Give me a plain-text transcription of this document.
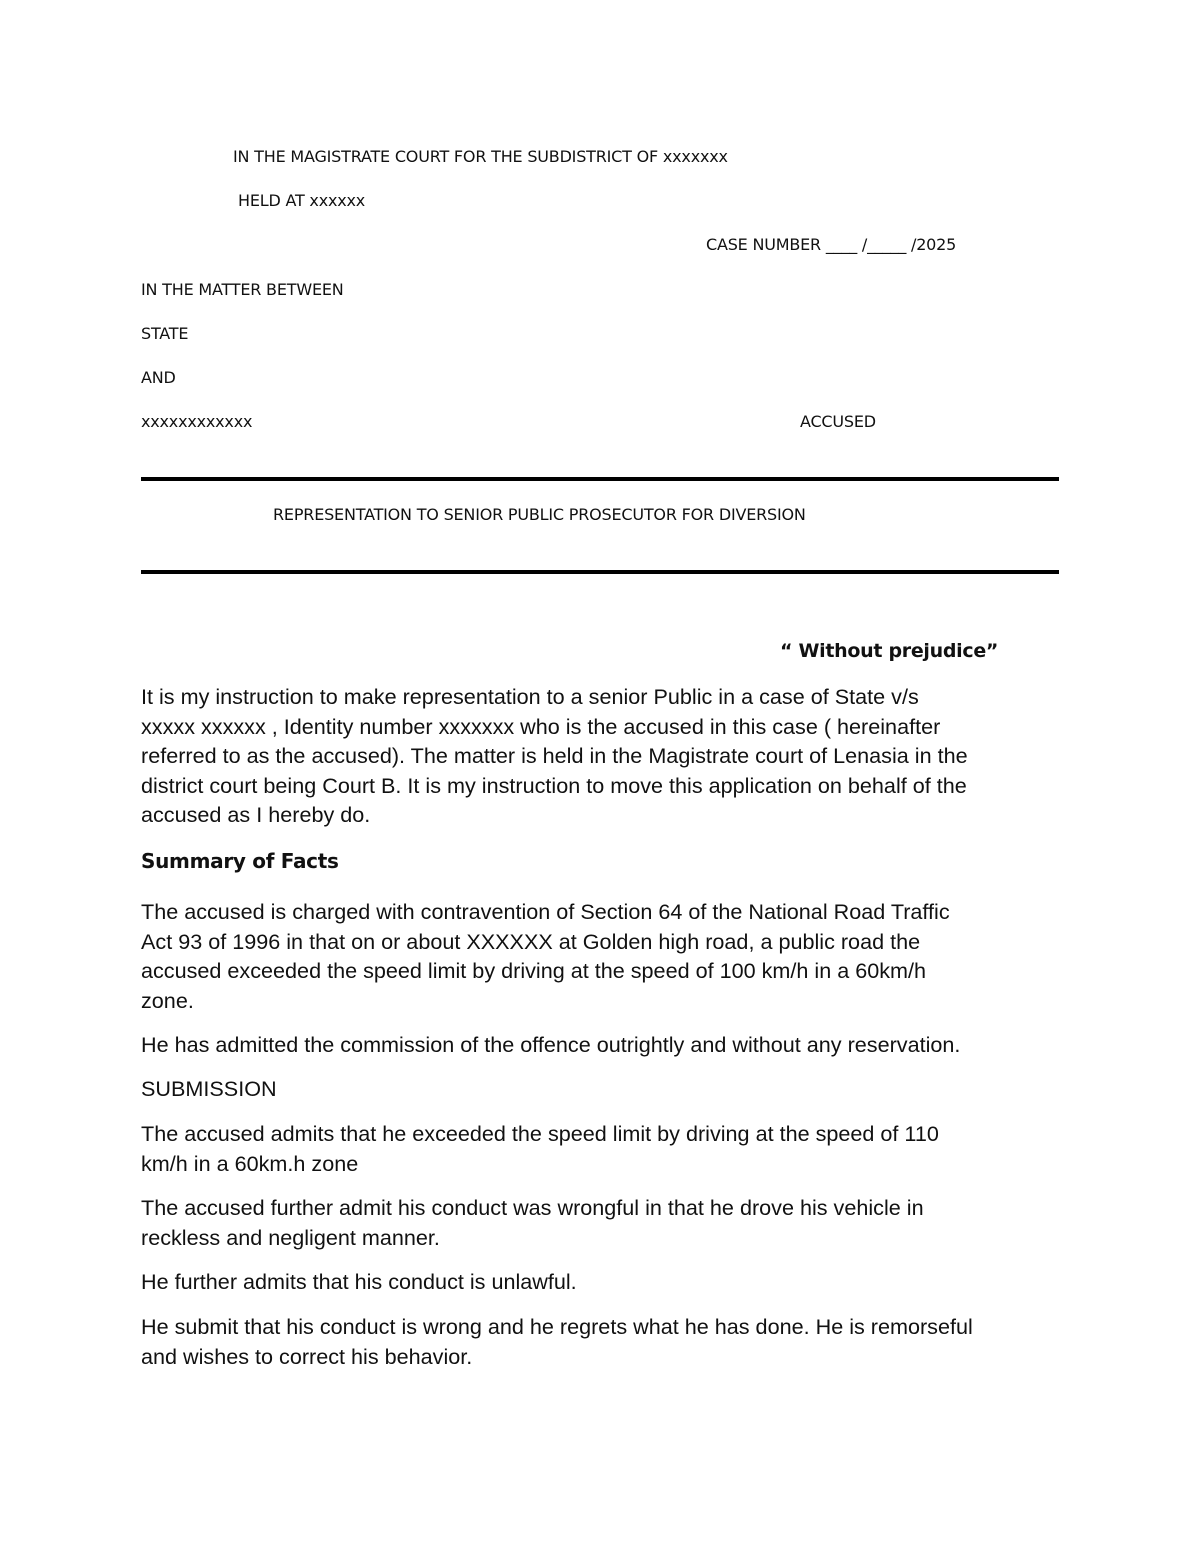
IN THE MAGISTRATE COURT FOR THE SUBDISTRICT OF xxxxxxx
HELD AT xxxxxx
CASE NUMBER ____ /_____ /2025
IN THE MATTER BETWEEN
STATE
AND
xxxxxxxxxxxx	ACCUSED
REPRESENTATION TO SENIOR PUBLIC PROSECUTOR FOR DIVERSION
“ Without prejudice”
It is my instruction to make representation to a senior Public in a case of State v/s
xxxxx xxxxxx , Identity number xxxxxxx who is the accused in this case ( hereinafter
referred to as the accused). The matter is held in the Magistrate court of Lenasia in the
district court being Court B. It is my instruction to move this application on behalf of the
accused as I hereby do.
Summary of Facts
The accused is charged with contravention of Section 64 of the National Road Traffic
Act 93 of 1996 in that on or about XXXXXX at Golden high road, a public road the
accused exceeded the speed limit by driving at the speed of 100 km/h in a 60km/h
zone.
He has admitted the commission of the offence outrightly and without any reservation.
SUBMISSION
The accused admits that he exceeded the speed limit by driving at the speed of 110
km/h in a 60km.h zone
The accused further admit his conduct was wrongful in that he drove his vehicle in
reckless and negligent manner.
He further admits that his conduct is unlawful.
He submit that his conduct is wrong and he regrets what he has done. He is remorseful
and wishes to correct his behavior.
